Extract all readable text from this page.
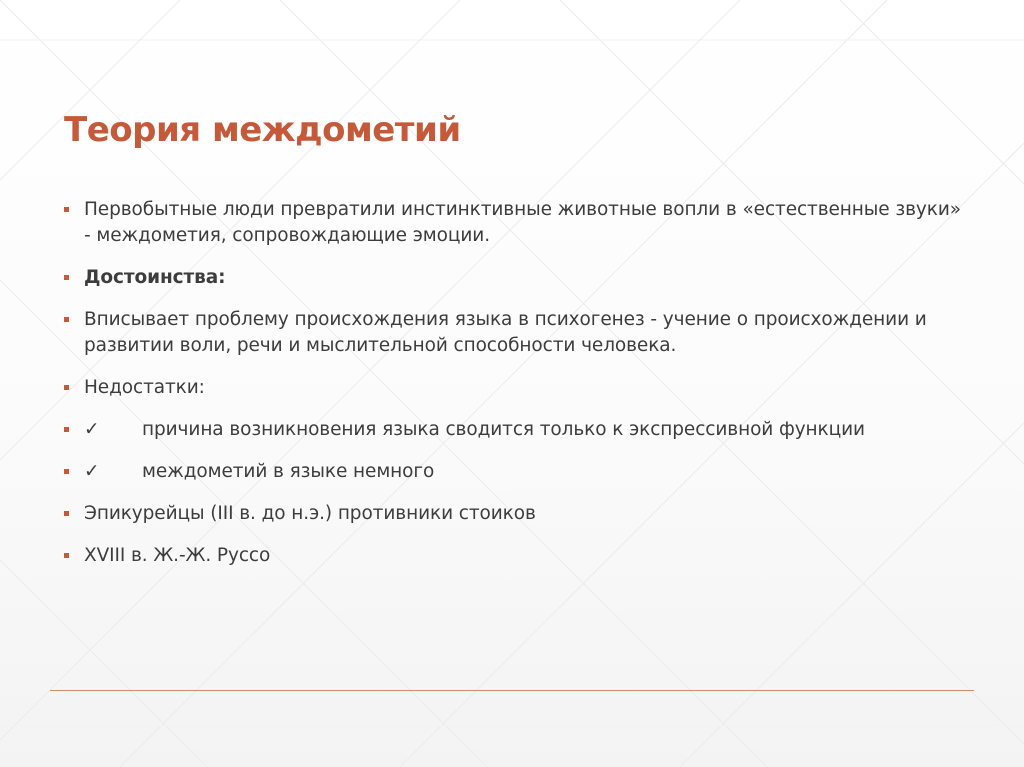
Теория междометий
Первобытные люди превратили инстинктивные животные вопли в «естественные звуки» - междометия, сопровождающие эмоции.
Достоинства:
Вписывает проблему происхождения языка в психогенез - учение о происхождении и развитии воли, речи и мыслительной способности человека.
Недостатки:
✓	причина возникновения языка сводится только к экспрессивной функции
✓	междометий в языке немного
Эпикурейцы (III в. до н.э.) противники стоиков
XVIII в. Ж.-Ж. Руссо
